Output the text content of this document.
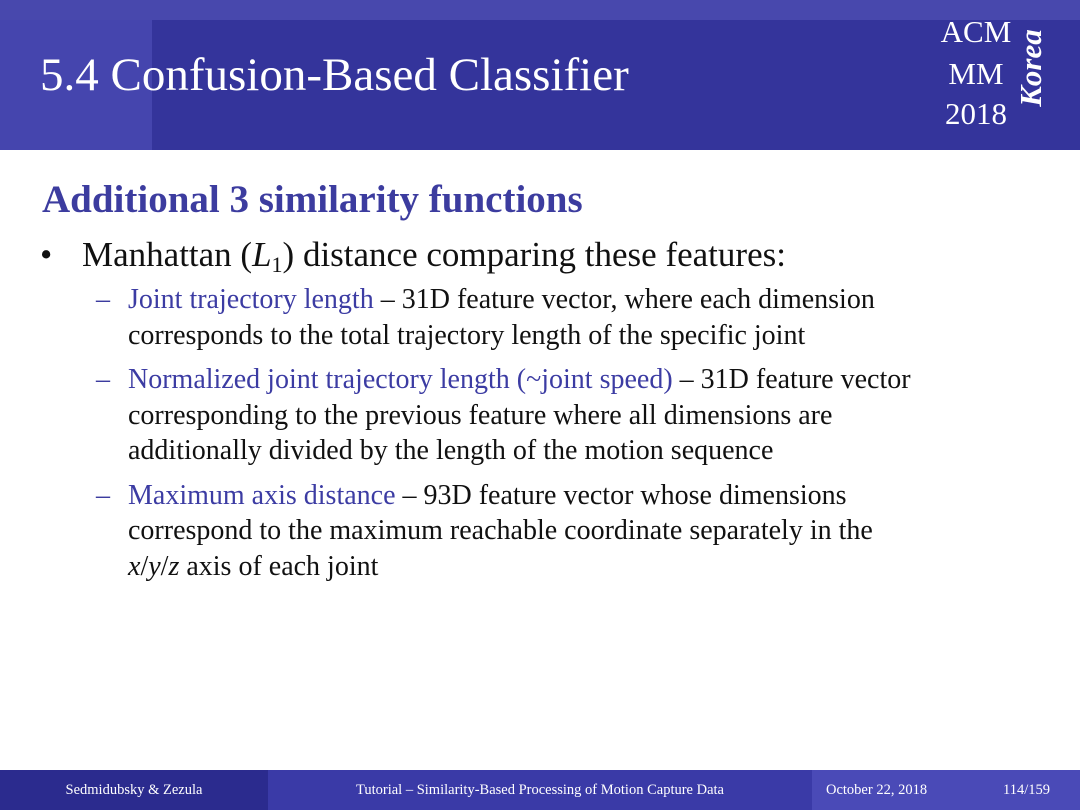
5.4 Confusion-Based Classifier
ACM
MM
2018
Korea
Additional 3 similarity functions
• Manhattan $(L_1)$ distance comparing these features:
– Joint trajectory length – 31D feature vector, where each dimension
corresponds to the total trajectory length of the specific joint
– Normalized joint trajectory length (~joint speed) – 31D feature vector
corresponding to the previous feature where all dimensions are
additionally divided by the length of the motion sequence
– Maximum axis distance – 93D feature vector whose dimensions
correspond to the maximum reachable coordinate separately in the
x/y/z axis of each joint
Sedmidubsky & Zezula	Tutorial – Similarity-Based Processing of Motion Capture Data	October 22, 2018	114/159
